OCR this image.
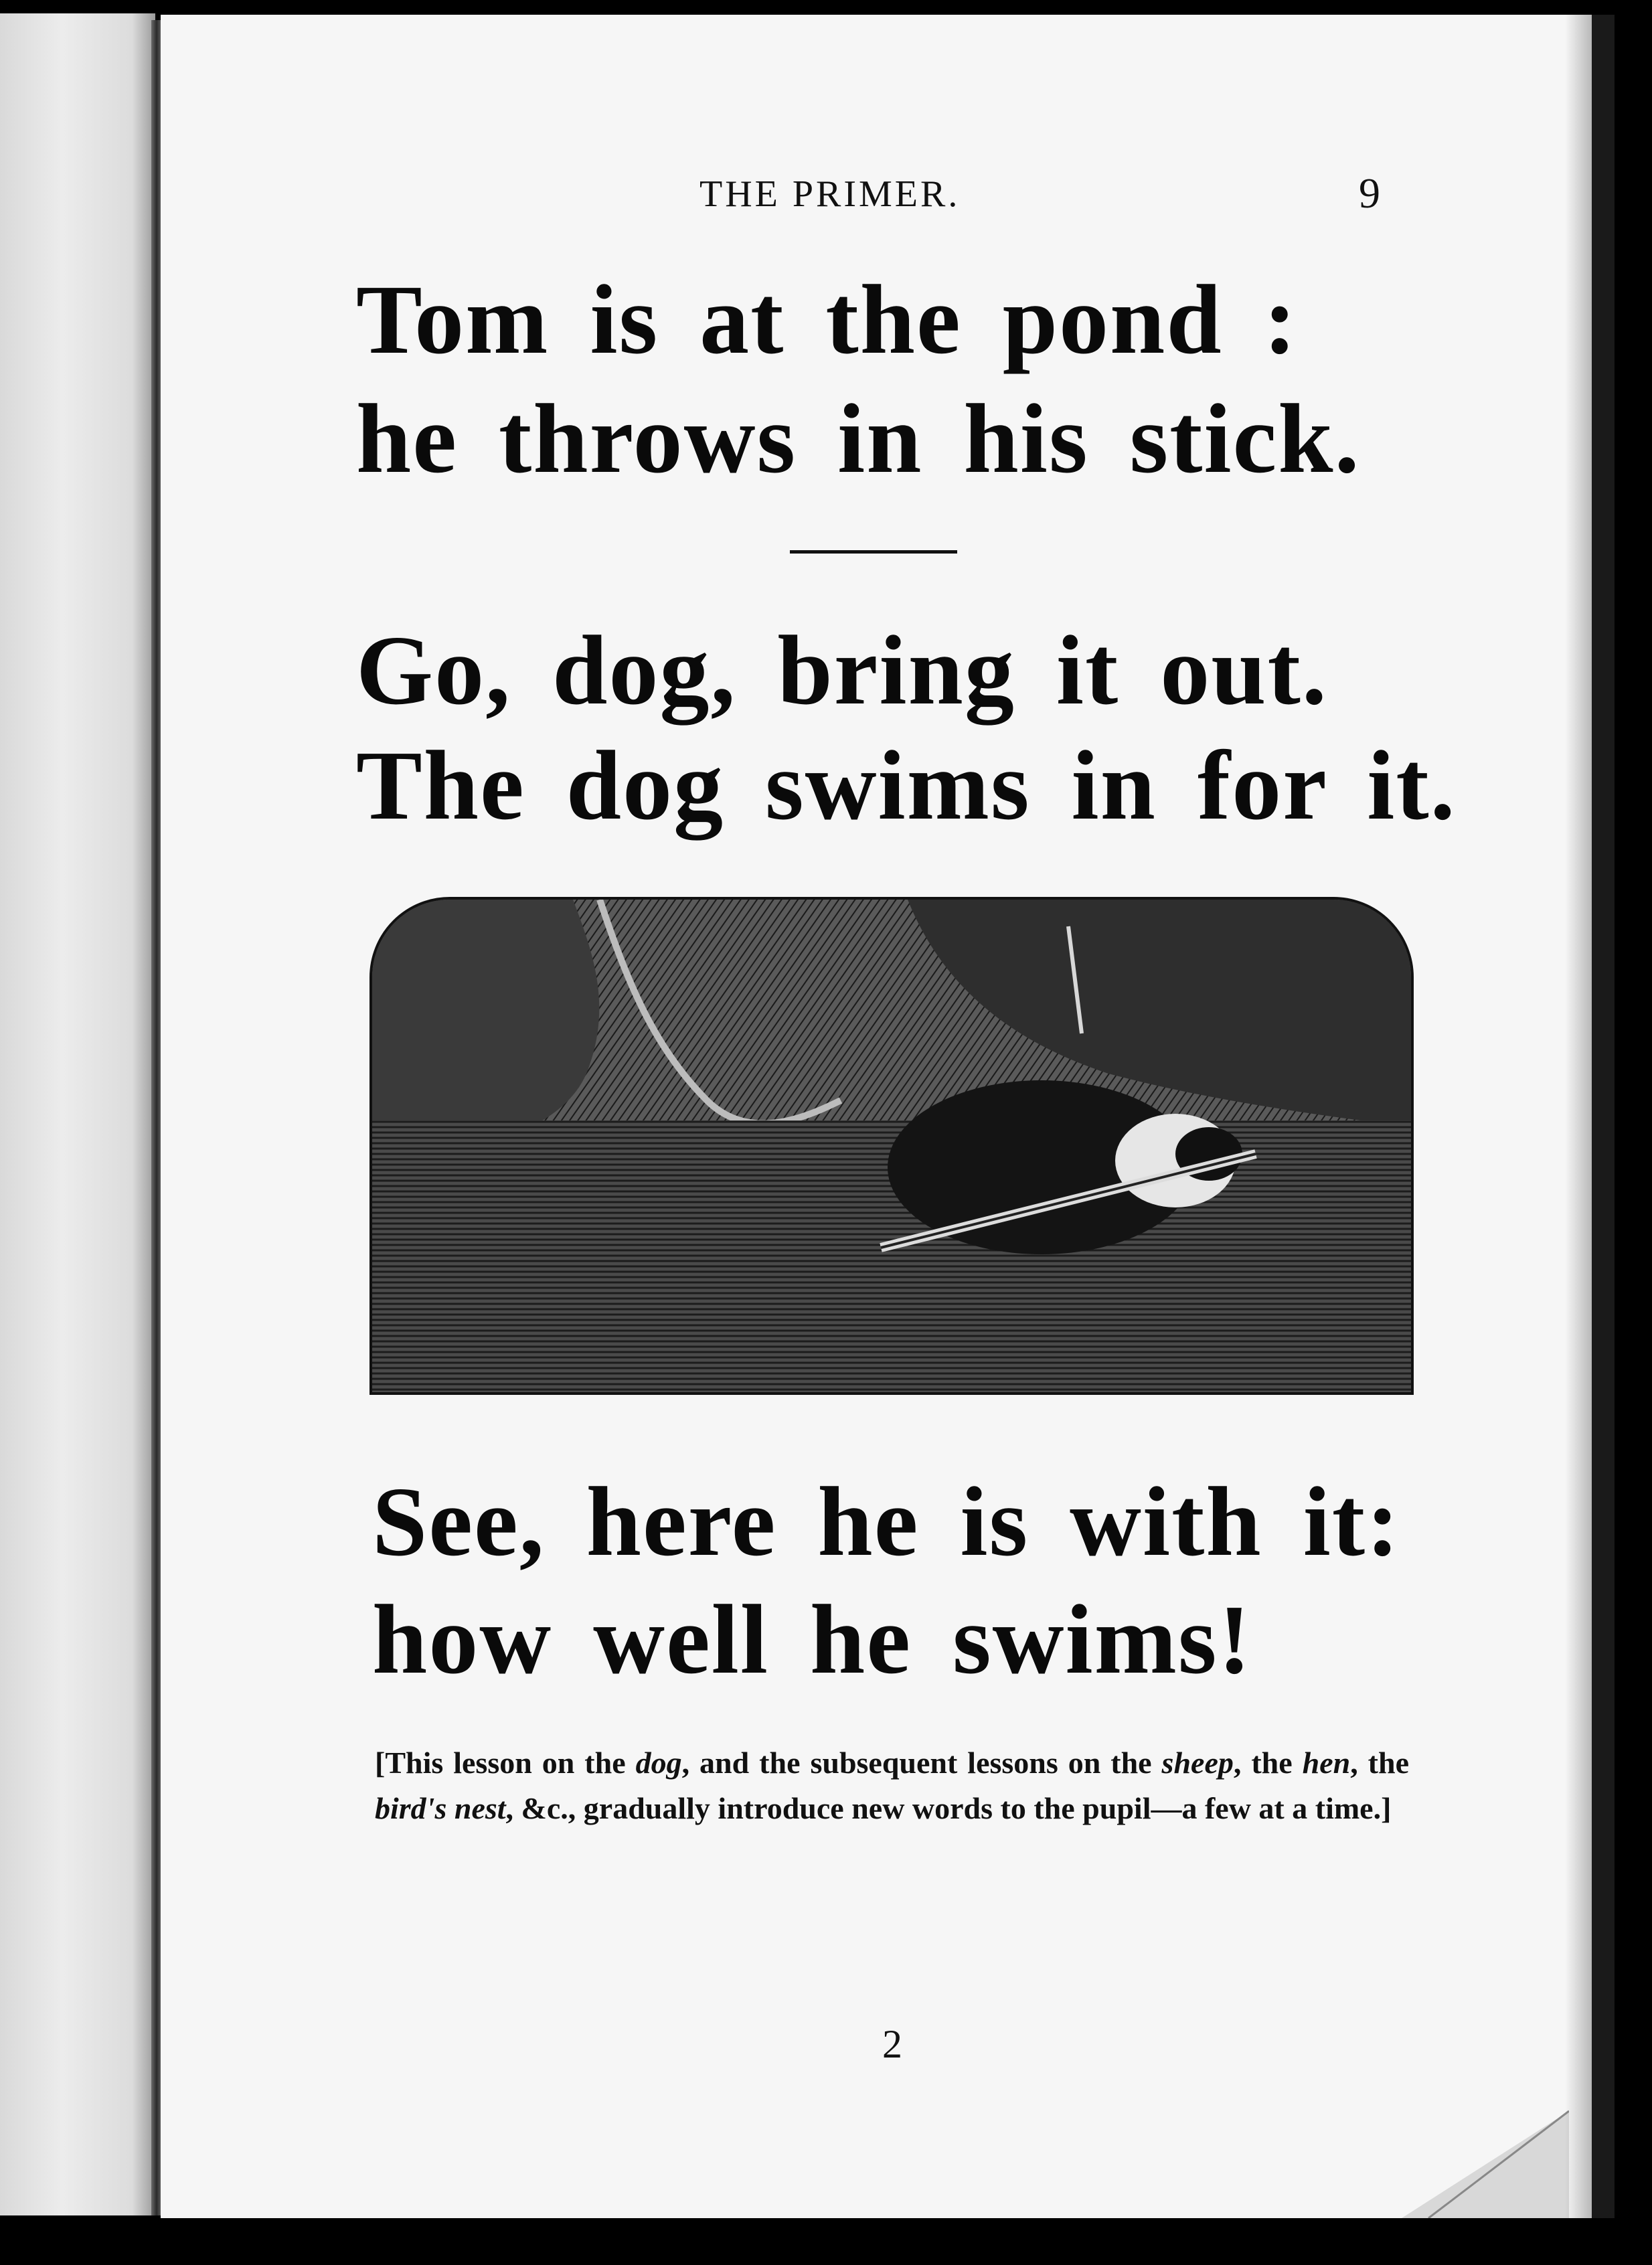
THE PRIMER.	9
Tom is at the pond :
he throws in his stick.
Go, dog, bring it out.
The dog swims in for it.
See, here he is with it:
how well he swims!
[This lesson on the dog, and the subsequent lessons on the sheep, the hen, the bird's nest, &c., gradually introduce new words to the pupil—a few at a time.]
2
